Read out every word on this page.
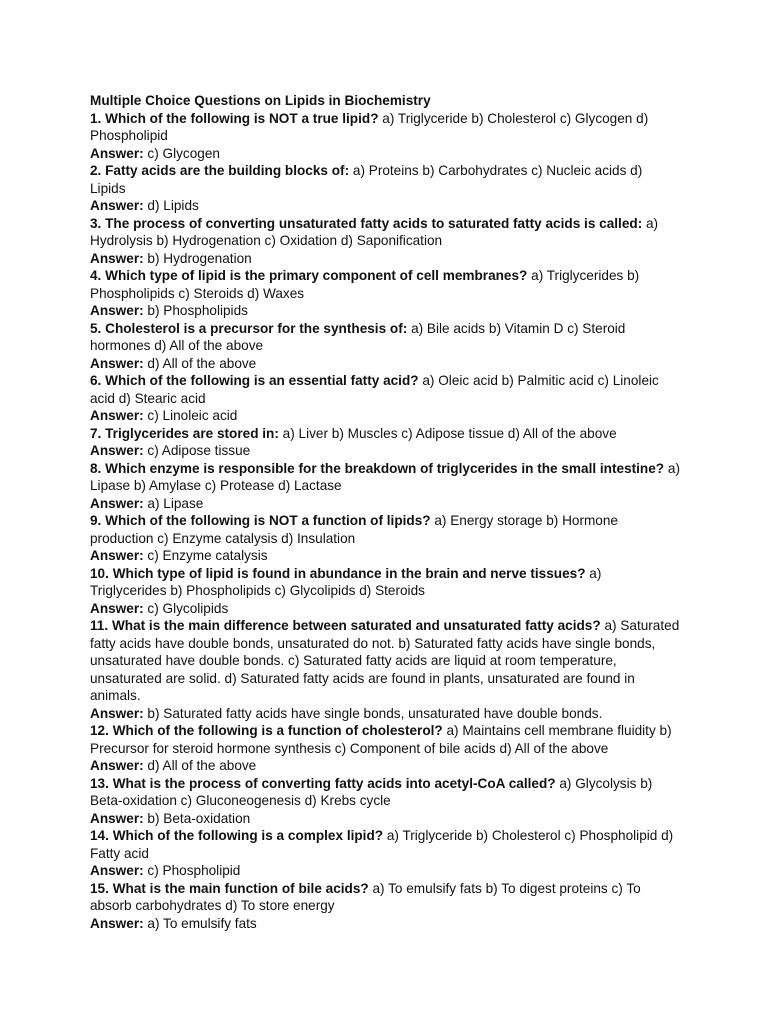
Multiple Choice Questions on Lipids in Biochemistry

1. Which of the following is NOT a true lipid? a) Triglyceride b) Cholesterol c) Glycogen d) Phospholipid

Answer: c) Glycogen

2. Fatty acids are the building blocks of: a) Proteins b) Carbohydrates c) Nucleic acids d) Lipids

Answer: d) Lipids

3. The process of converting unsaturated fatty acids to saturated fatty acids is called: a) Hydrolysis b) Hydrogenation c) Oxidation d) Saponification

Answer: b) Hydrogenation

4. Which type of lipid is the primary component of cell membranes? a) Triglycerides b) Phospholipids c) Steroids d) Waxes

Answer: b) Phospholipids

5. Cholesterol is a precursor for the synthesis of: a) Bile acids b) Vitamin D c) Steroid hormones d) All of the above

Answer: d) All of the above

6. Which of the following is an essential fatty acid? a) Oleic acid b) Palmitic acid c) Linoleic acid d) Stearic acid

Answer: c) Linoleic acid

7. Triglycerides are stored in: a) Liver b) Muscles c) Adipose tissue d) All of the above

Answer: c) Adipose tissue

8. Which enzyme is responsible for the breakdown of triglycerides in the small intestine? a) Lipase b) Amylase c) Protease d) Lactase

Answer: a) Lipase

9. Which of the following is NOT a function of lipids? a) Energy storage b) Hormone production c) Enzyme catalysis d) Insulation

Answer: c) Enzyme catalysis

10. Which type of lipid is found in abundance in the brain and nerve tissues? a) Triglycerides b) Phospholipids c) Glycolipids d) Steroids

Answer: c) Glycolipids

11. What is the main difference between saturated and unsaturated fatty acids? a) Saturated fatty acids have double bonds, unsaturated do not. b) Saturated fatty acids have single bonds, unsaturated have double bonds. c) Saturated fatty acids are liquid at room temperature, unsaturated are solid. d) Saturated fatty acids are found in plants, unsaturated are found in animals.

Answer: b) Saturated fatty acids have single bonds, unsaturated have double bonds.

12. Which of the following is a function of cholesterol? a) Maintains cell membrane fluidity b) Precursor for steroid hormone synthesis c) Component of bile acids d) All of the above

Answer: d) All of the above

13. What is the process of converting fatty acids into acetyl-CoA called? a) Glycolysis b) Beta-oxidation c) Gluconeogenesis d) Krebs cycle

Answer: b) Beta-oxidation

14. Which of the following is a complex lipid? a) Triglyceride b) Cholesterol c) Phospholipid d) Fatty acid

Answer: c) Phospholipid

15. What is the main function of bile acids? a) To emulsify fats b) To digest proteins c) To absorb carbohydrates d) To store energy

Answer: a) To emulsify fats
